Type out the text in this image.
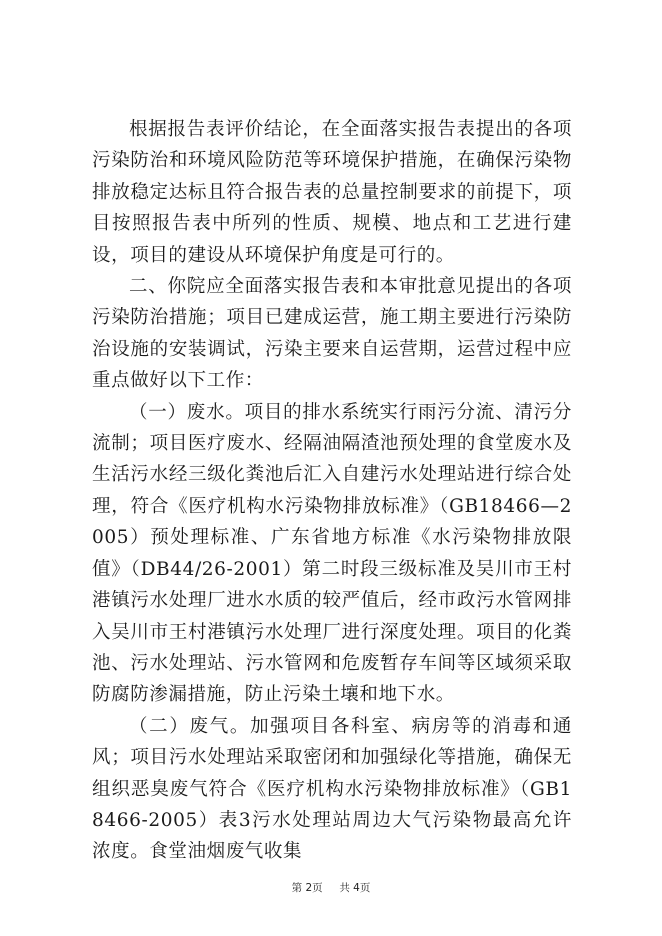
根据报告表评价结论，在全面落实报告表提出的各项污染防治和环境风险防范等环境保护措施，在确保污染物排放稳定达标且符合报告表的总量控制要求的前提下，项目按照报告表中所列的性质、规模、地点和工艺进行建设，项目的建设从环境保护角度是可行的。

二、你院应全面落实报告表和本审批意见提出的各项污染防治措施；项目已建成运营，施工期主要进行污染防治设施的安装调试，污染主要来自运营期，运营过程中应重点做好以下工作：

（一）废水。项目的排水系统实行雨污分流、清污分流制；项目医疗废水、经隔油隔渣池预处理的食堂废水及生活污水经三级化粪池后汇入自建污水处理站进行综合处理，符合《医疗机构水污染物排放标准》（GB18466—2005）预处理标准、广东省地方标准《水污染物排放限值》（DB44/26-2001）第二时段三级标准及吴川市王村港镇污水处理厂进水水质的较严值后，经市政污水管网排入吴川市王村港镇污水处理厂进行深度处理。项目的化粪池、污水处理站、污水管网和危废暂存车间等区域须采取防腐防渗漏措施，防止污染土壤和地下水。

（二）废气。加强项目各科室、病房等的消毒和通风；项目污水处理站采取密闭和加强绿化等措施，确保无组织恶臭废气符合《医疗机构水污染物排放标准》（GB18466-2005）表3污水处理站周边大气污染物最高允许浓度。食堂油烟废气收集

第 2页 共 4页
